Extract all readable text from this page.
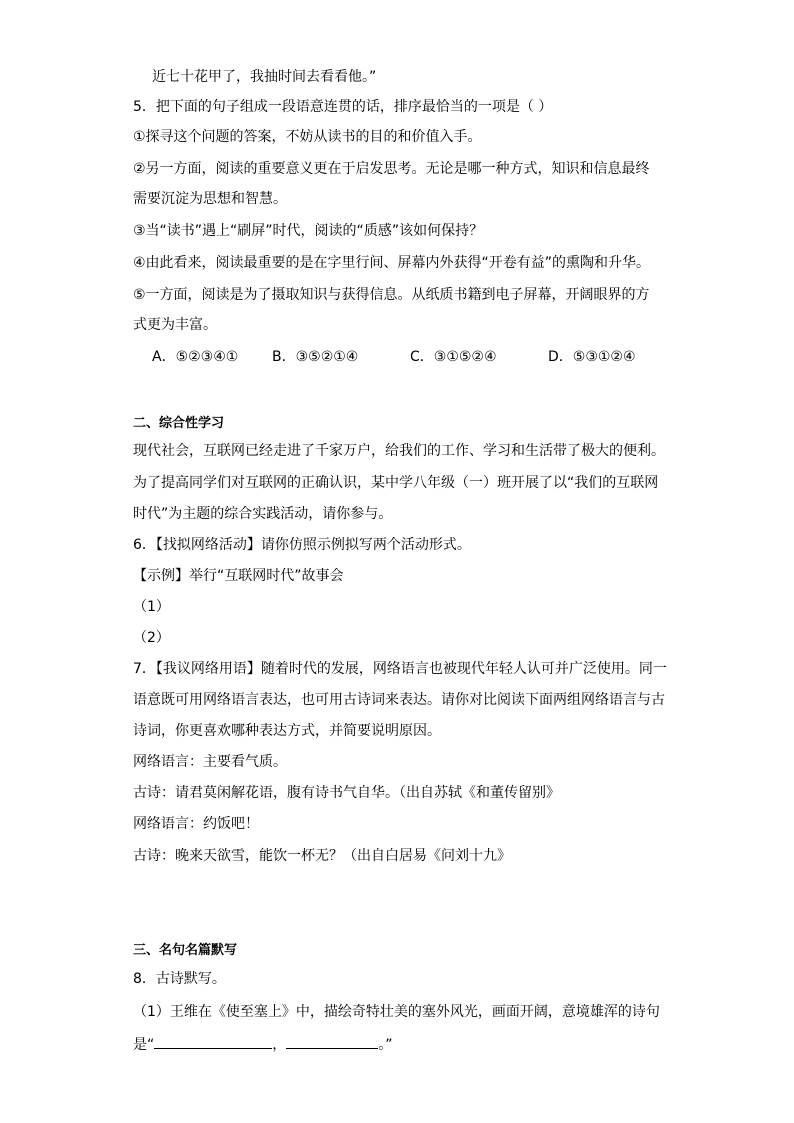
近七十花甲了，我抽时间去看看他。”
5．把下面的句子组成一段语意连贯的话，排序最恰当的一项是（ ）
①探寻这个问题的答案，不妨从读书的目的和价值入手。
②另一方面，阅读的重要意义更在于启发思考。无论是哪一种方式，知识和信息最终
需要沉淀为思想和智慧。
③当“读书”遇上“刷屏”时代，阅读的“质感”该如何保持？
④由此看来，阅读最重要的是在字里行间、屏幕内外获得“开卷有益”的熏陶和升华。
⑤一方面，阅读是为了摄取知识与获得信息。从纸质书籍到电子屏幕，开阔眼界的方
式更为丰富。
A．⑤②③④① B．③⑤②①④	C．③①⑤②④	D．⑤③①②④
二、综合性学习
现代社会，互联网已经走进了千家万户，给我们的工作、学习和生活带了极大的便利。
为了提高同学们对互联网的正确认识，某中学八年级（一）班开展了以“我们的互联网
时代”为主题的综合实践活动，请你参与。
6．【找拟网络活动】请你仿照示例拟写两个活动形式。
【示例】举行“互联网时代”故事会
（1）
（2）
7．【我议网络用语】随着时代的发展，网络语言也被现代年轻人认可并广泛使用。同一
语意既可用网络语言表达，也可用古诗词来表达。请你对比阅读下面两组网络语言与古
诗词，你更喜欢哪种表达方式，并简要说明原因。
网络语言：主要看气质。
古诗：请君莫闲解花语，腹有诗书气自华。（出自苏轼《和董传留别》
网络语言：约饭吧！
古诗：晚来天欲雪，能饮一杯无？（出自白居易《问刘十九》
三、名句名篇默写
8．古诗默写。
（1）王维在《使至塞上》中，描绘奇特壮美的塞外风光，画面开阔，意境雄浑的诗句
是“	，	。”
